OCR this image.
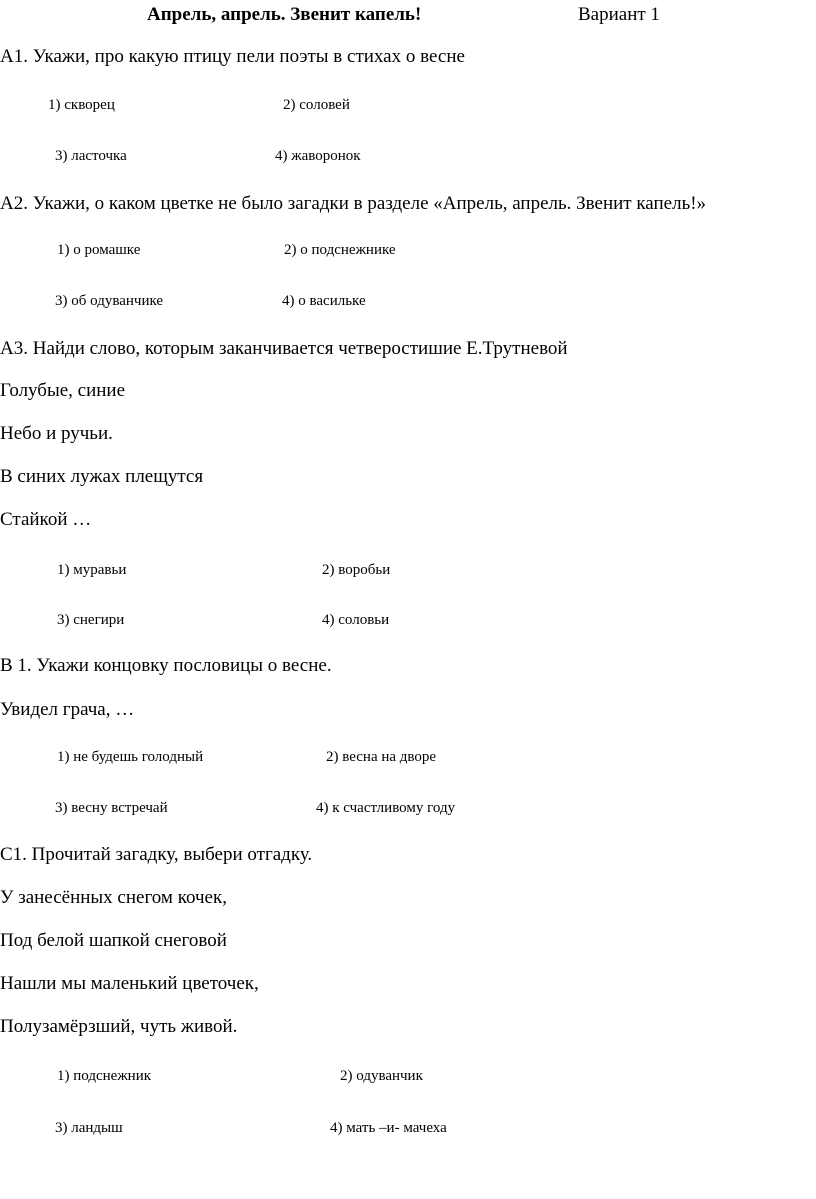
Апрель, апрель. Звенит капель!	Вариант 1
А1. Укажи, про какую птицу пели поэты в стихах о весне
1) скворец	2) соловей
3) ласточка	4) жаворонок
А2. Укажи, о каком цветке не было загадки в разделе «Апрель, апрель. Звенит капель!»
1) о ромашке	2) о подснежнике
3) об одуванчике	4) о васильке
А3. Найди слово, которым заканчивается четверостишие Е.Трутневой
Голубые, синие
Небо и ручьи.
В синих лужах плещутся
Стайкой …
1) муравьи	2) воробьи
3) снегири	4) соловьи
В 1. Укажи концовку пословицы о весне.
Увидел грача, …
1) не будешь голодный	2) весна на дворе
3) весну встречай	4) к счастливому году
С1. Прочитай загадку, выбери отгадку.
У занесённых снегом кочек,
Под белой шапкой снеговой
Нашли мы маленький цветочек,
Полузамёрзший, чуть живой.
1) подснежник	2) одуванчик
3) ландыш	4) мать –и- мачеха
